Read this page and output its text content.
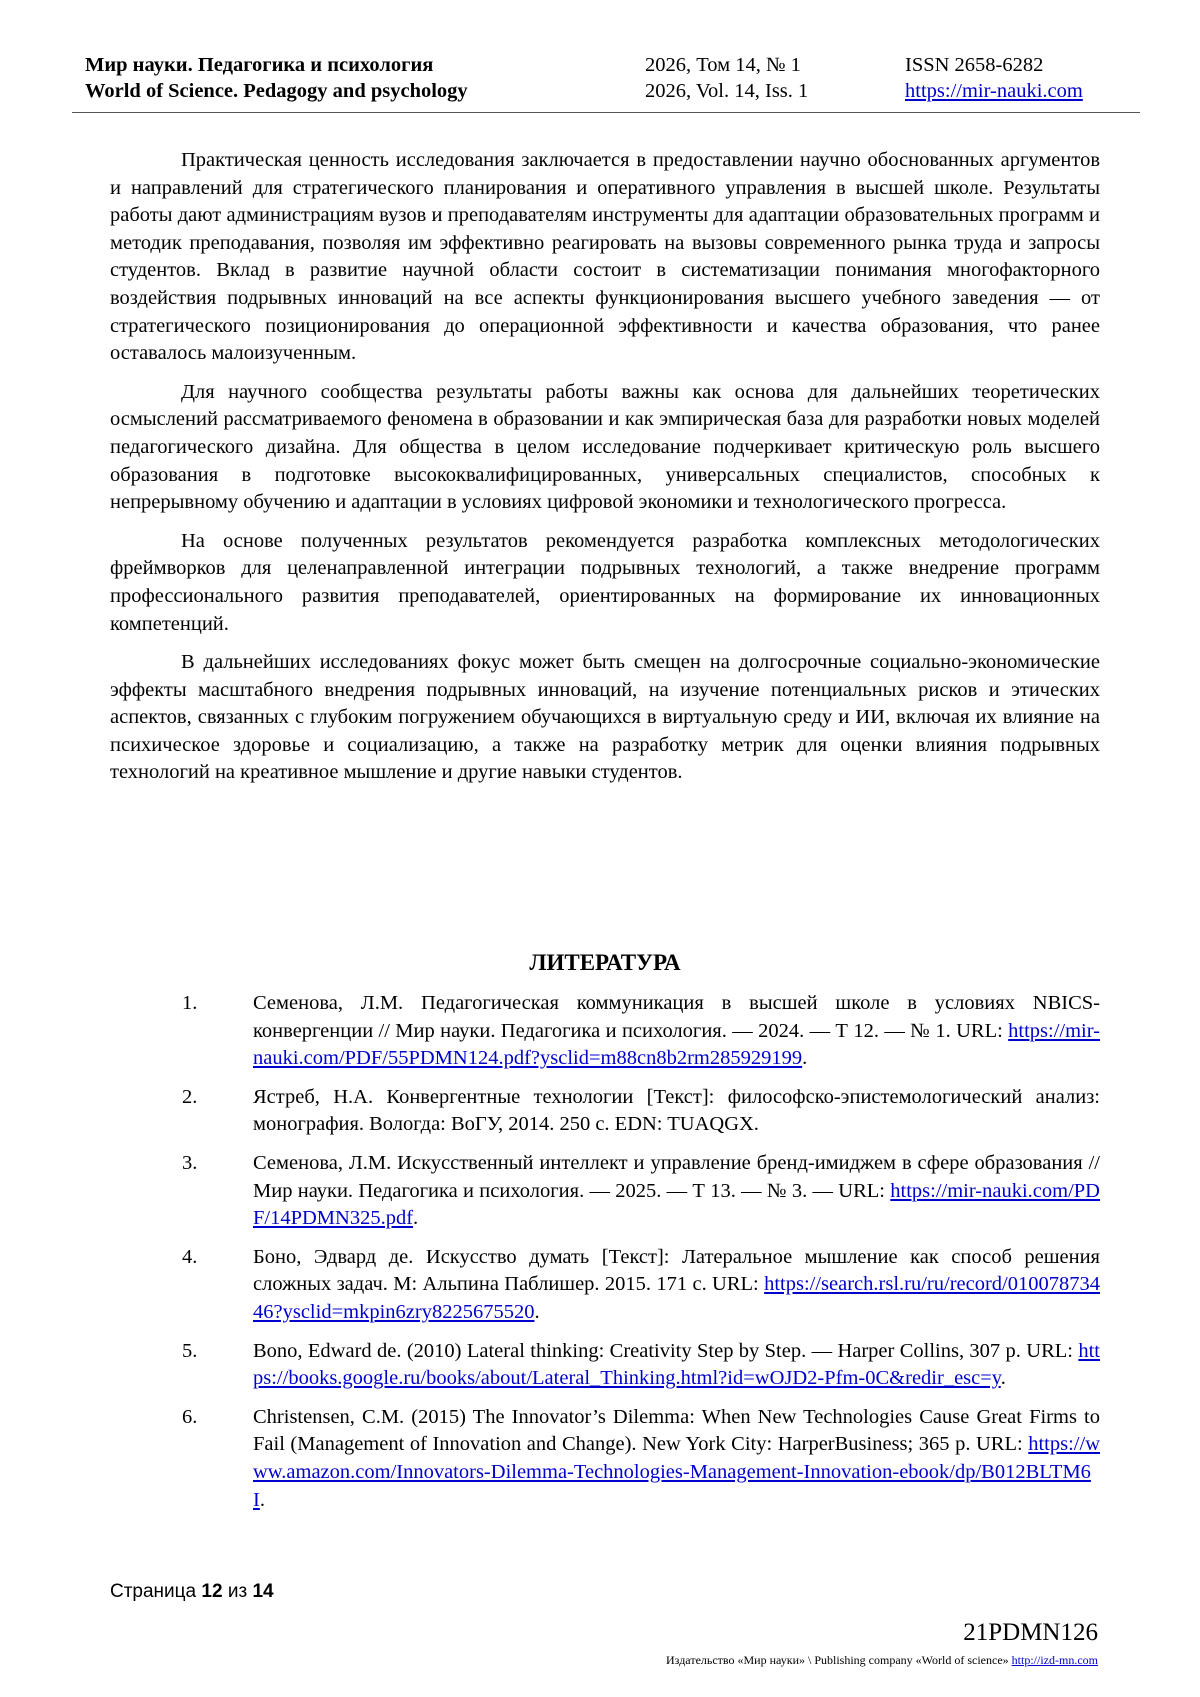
Мир науки. Педагогика и психология	2026, Том 14, № 1	ISSN 2658-6282
World of Science. Pedagogy and psychology	2026, Vol. 14, Iss. 1	https://mir-nauki.com

Практическая ценность исследования заключается в предоставлении научно обоснованных аргументов и направлений для стратегического планирования и оперативного управления в высшей школе. Результаты работы дают администрациям вузов и преподавателям инструменты для адаптации образовательных программ и методик преподавания, позволяя им эффективно реагировать на вызовы современного рынка труда и запросы студентов. Вклад в развитие научной области состоит в систематизации понимания многофакторного воздействия подрывных инноваций на все аспекты функционирования высшего учебного заведения — от стратегического позиционирования до операционной эффективности и качества образования, что ранее оставалось малоизученным.

Для научного сообщества результаты работы важны как основа для дальнейших теоретических осмыслений рассматриваемого феномена в образовании и как эмпирическая база для разработки новых моделей педагогического дизайна. Для общества в целом исследование подчеркивает критическую роль высшего образования в подготовке высококвалифицированных, универсальных специалистов, способных к непрерывному обучению и адаптации в условиях цифровой экономики и технологического прогресса.

На основе полученных результатов рекомендуется разработка комплексных методологических фреймворков для целенаправленной интеграции подрывных технологий, а также внедрение программ профессионального развития преподавателей, ориентированных на формирование их инновационных компетенций.

В дальнейших исследованиях фокус может быть смещен на долгосрочные социально-экономические эффекты масштабного внедрения подрывных инноваций, на изучение потенциальных рисков и этических аспектов, связанных с глубоким погружением обучающихся в виртуальную среду и ИИ, включая их влияние на психическое здоровье и социализацию, а также на разработку метрик для оценки влияния подрывных технологий на креативное мышление и другие навыки студентов.

ЛИТЕРАТУРА
1.	Семенова, Л.М. Педагогическая коммуникация в высшей школе в условиях NBICS-конвергенции // Мир науки. Педагогика и психология. — 2024. — Т 12. — № 1. URL: https://mir-nauki.com/PDF/55PDMN124.pdf?ysclid=m88cn8b2rm285929199.
2.	Ястреб, Н.А. Конвергентные технологии [Текст]: философско-эпистемологический анализ: монография. Вологда: ВоГУ, 2014. 250 с. EDN: TUAQGX.
3.	Семенова, Л.М. Искусственный интеллект и управление бренд-имиджем в сфере образования // Мир науки. Педагогика и психология. — 2025. — Т 13. — № 3. — URL: https://mir-nauki.com/PDF/14PDMN325.pdf.
4.	Боно, Эдвард де. Искусство думать [Текст]: Латеральное мышление как способ решения сложных задач. М: Альпина Паблишер. 2015. 171 с. URL: https://search.rsl.ru/ru/record/01007873446?ysclid=mkpin6zry8225675520.
5.	Bono, Edward de. (2010) Lateral thinking: Creativity Step by Step. — Harper Collins, 307 p. URL: https://books.google.ru/books/about/Lateral_Thinking.html?id=wOJD2-Pfm-0C&redir_esc=y.
6.	Christensen, C.M. (2015) The Innovator’s Dilemma: When New Technologies Cause Great Firms to Fail (Management of Innovation and Change). New York City: HarperBusiness; 365 p. URL: https://www.amazon.com/Innovators-Dilemma-Technologies-Management-Innovation-ebook/dp/B012BLTM6I.
Страница 12 из 14
21PDMN126
Издательство «Мир науки» \ Publishing company «World of science» http://izd-mn.com
